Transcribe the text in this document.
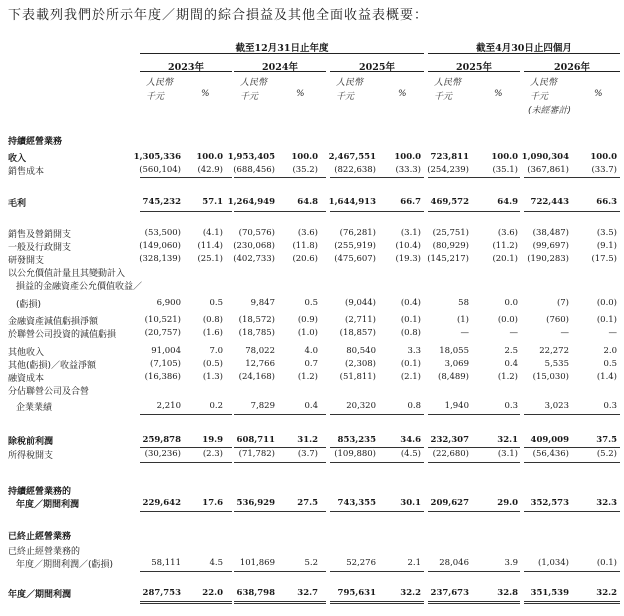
下表載列我們於所示年度／期間的綜合損益及其他全面收益表概要：
截至12月31日止年度	截至4月30日止四個月
2023年
人民幣
千元	%
2024年
人民幣
千元	%
2025年
人民幣
千元	%
2025年
人民幣
千元	%
2026年
人民幣
千元	%
(未經審計)
持續經營業務
收入	1,305,336	100.0 1,953,405	100.0	2,467,551	100.0	723,811	100.0 1,090,304	100.0
銷售成本	(560,104)	(42.9)	(688,456)	(35.2)	(822,638)	(33.3) (254,239)	(35.1)	(367,861)	(33.7)
毛利	745,232	57.1 1,264,949	64.8	1,644,913	66.7	469,572	64.9	722,443	66.3
銷售及營銷開支	(53,500)	(4.1)	(70,576)	(3.6)	(76,281)	(3.1)	(25,751)	(3.6)	(38,487)	(3.5)
一般及行政開支	(149,060)	(11.4)	(230,068)	(11.8)	(255,919)	(10.4)	(80,929)	(11.2)	(99,697)	(9.1)
研發開支	(328,139)	(25.1)	(402,733)	(20.6)	(475,607)	(19.3) (145,217)	(20.1)	(190,283)	(17.5)
以公允價值計量且其變動計入
損益的金融資產公允價值收益／
(虧損)	6,900	0.5	9,847	0.5	(9,044)	(0.4)	58	0.0	(7)	(0.0)
金融資產減值虧損淨額	(10,521)	(0.8)	(18,572)	(0.9)	(2,711)	(0.1)	(1)	(0.0)	(760)	(0.1)
於聯營公司投資的減值虧損	(20,757)	(1.6)	(18,785)	(1.0)	(18,857)	(0.8)	—	—	—	—
其他收入	91,004	7.0	78,022	4.0	80,540	3.3	18,055	2.5	22,272	2.0
其他(虧損)／收益淨額	(7,105)	(0.5)	12,766	0.7	(2,308)	(0.1)	3,069	0.4	5,535	0.5
融資成本	(16,386)	(1.3)	(24,168)	(1.2)	(51,811)	(2.1)	(8,489)	(1.2)	(15,030)	(1.4)
分佔聯營公司及合營
企業業績	2,210	0.2	7,829	0.4	20,320	0.8	1,940	0.3	3,023	0.3
除稅前利潤	259,878	19.9	608,711	31.2	853,235	34.6	232,307	32.1	409,009	37.5
所得稅開支	(30,236)	(2.3)	(71,782)	(3.7)	(109,880)	(4.5)	(22,680)	(3.1)	(56,436)	(5.2)
持續經營業務的
年度／期間利潤	229,642	17.6	536,929	27.5	743,355	30.1	209,627	29.0	352,573	32.3
已終止經營業務
已終止經營業務的
年度／期間利潤／(虧損)	58,111	4.5	101,869	5.2	52,276	2.1	28,046	3.9	(1,034)	(0.1)
年度／期間利潤	287,753	22.0	638,798	32.7	795,631	32.2	237,673	32.8	351,539	32.2
